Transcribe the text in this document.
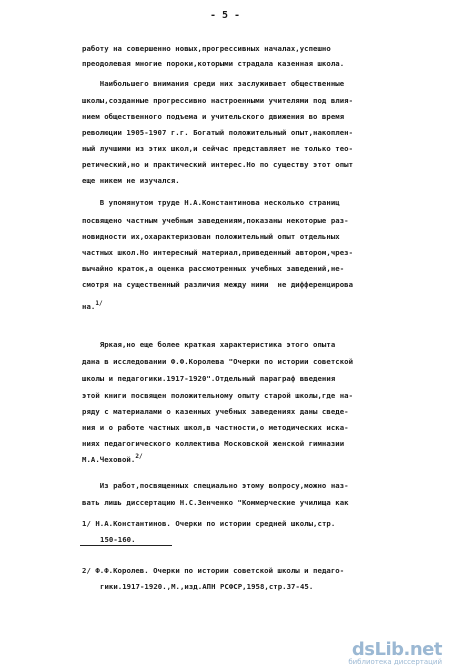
- 5 -
работу на совершенно новых,прогрессивных началах,успешно
преодолевая многие пороки,которыми страдала казенная школа.
Наибольшего внимания среди них заслуживает общественные
школы,созданные прогрессивно настроенными учителями под влия-
нием общественного подъема и учительского движения во время
революции 1905-1907 г.г. Богатый положительный опыт,накоплен-
ный лучшими из этих школ,и сейчас представляет не только тео-
ретический,но и практический интерес.Но по существу этот опыт
еще никем не изучался.
В упомянутом труде Н.А.Константинова несколько страниц
посвящено частным учебным заведениям,показаны некоторые раз-
новидности их,охарактеризован положительный опыт отдельных
частных школ.Но интересный материал,приведенный автором,чрез-
вычайно краток,а оценка рассмотренных учебных заведений,не-
смотря на существенный различия между ними  не дифференцирова
на.$^{1/}$
Яркая,но еще более краткая характеристика этого опыта
дана в исследовании Ф.Ф.Королева "Очерки по истории советской
школы и педагогики.1917-1920".Отдельный параграф введения
этой книги посвящен положительному опыту старой школы,где на-
ряду с материалами о казенных учебных заведениях даны сведе-
ния и о работе частных школ,в частности,о методических иска-
ниях педагогического коллектива Московской женской гимназии
М.А.Чеховой.$^{2/}$
Из работ,посвященных специально этому вопросу,можно наз-
вать лишь диссертацию Н.С.Зенченко "Коммерческие училища как
1/ Н.А.Константинов. Очерки по истории средней школы,стр.
150-160.
2/ Ф.Ф.Королев. Очерки по истории советской школы и педаго-
гики.1917-1920.,М.,изд.АПН РСФСР,1958,стр.37-45.
dsLib.net
библиотека диссертаций
